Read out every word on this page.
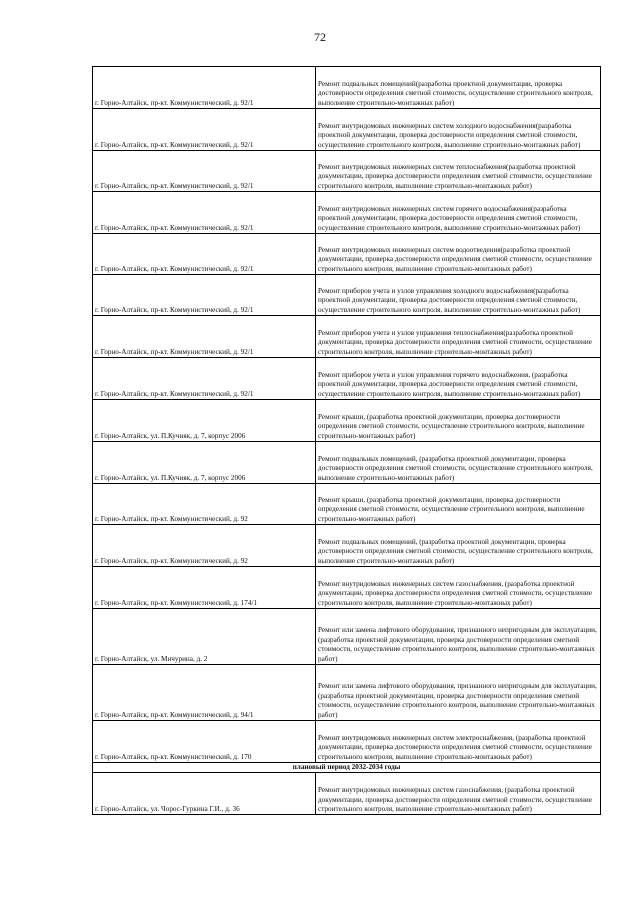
72
г. Горно-Алтайск, пр-кт. Коммунистический, д. 92/1	Ремонт подвальных помещений(разработка проектной документации, проверка достоверности определения сметной стоимости, осуществление строительного контроля, выполнение строительно-монтажных работ)
г. Горно-Алтайск, пр-кт. Коммунистический, д. 92/1	Ремонт внутридомовых инженерных систем холодного водоснабжения(разработка проектной документации, проверка достоверности определения сметной стоимости, осуществление строительного контроля, выполнение строительно-монтажных работ)
г. Горно-Алтайск, пр-кт. Коммунистический, д. 92/1	Ремонт внутридомовых инженерных систем теплоснабжения(разработка проектной документации, проверка достоверности определения сметной стоимости, осуществление строительного контроля, выполнение строительно-монтажных работ)
г. Горно-Алтайск, пр-кт. Коммунистический, д. 92/1	Ремонт внутридомовых инженерных систем горячего водоснабжения(разработка проектной документации, проверка достоверности определения сметной стоимости, осуществление строительного контроля, выполнение строительно-монтажных работ)
г. Горно-Алтайск, пр-кт. Коммунистический, д. 92/1	Ремонт внутридомовых инженерных систем водоотведения(разработка проектной документации, проверка достоверности определения сметной стоимости, осуществление строительного контроля, выполнение строительно-монтажных работ)
г. Горно-Алтайск, пр-кт. Коммунистический, д. 92/1	Ремонт приборов учета и узлов управления холодного водоснабжения(разработка проектной документации, проверка достоверности определения сметной стоимости, осуществление строительного контроля, выполнение строительно-монтажных работ)
г. Горно-Алтайск, пр-кт. Коммунистический, д. 92/1	Ремонт приборов учета и узлов управления теплоснабжения(разработка проектной документации, проверка достоверности определения сметной стоимости, осуществление строительного контроля, выполнение строительно-монтажных работ)
г. Горно-Алтайск, пр-кт. Коммунистический, д. 92/1	Ремонт приборов учета и узлов управления горячего водоснабжения, (разработка проектной документации, проверка достоверности определения сметной стоимости, осуществление строительного контроля, выполнение строительно-монтажных работ)
г. Горно-Алтайск, ул. П.Кучияк, д. 7, корпус 2006	Ремонт крыши, (разработка проектной документации, проверка достоверности определения сметной стоимости, осуществление строительного контроля, выполнение строительно-монтажных работ)
г. Горно-Алтайск, ул. П.Кучияк, д. 7, корпус 2006	Ремонт подвальных помещений, (разработка проектной документации, проверка достоверности определения сметной стоимости, осуществление строительного контроля, выполнение строительно-монтажных работ)
г. Горно-Алтайск, пр-кт. Коммунистический, д. 92	Ремонт крыши, (разработка проектной документации, проверка достоверности определения сметной стоимости, осуществление строительного контроля, выполнение строительно-монтажных работ)
г. Горно-Алтайск, пр-кт. Коммунистический, д. 92	Ремонт подвальных помещений, (разработка проектной документации, проверка достоверности определения сметной стоимости, осуществление строительного контроля, выполнение строительно-монтажных работ)
г. Горно-Алтайск, пр-кт. Коммунистический, д. 174/1	Ремонт внутридомовых инженерных систем газоснабжения, (разработка проектной документации, проверка достоверности определения сметной стоимости, осуществление строительного контроля, выполнение строительно-монтажных работ)
г. Горно-Алтайск, ул. Мичурина, д. 2	Ремонт или замена лифтового оборудования, признанного непригодным для эксплуатации, (разработка проектной документации, проверка достоверности определения сметной стоимости, осуществление строительного контроля, выполнение строительно-монтажных работ)
г. Горно-Алтайск, пр-кт. Коммунистический, д. 94/1	Ремонт или замена лифтового оборудования, признанного непригодным для эксплуатации, (разработка проектной документации, проверка достоверности определения сметной стоимости, осуществление строительного контроля, выполнение строительно-монтажных работ)
г. Горно-Алтайск, пр-кт. Коммунистический, д. 170	Ремонт внутридомовых инженерных систем электроснабжения, (разработка проектной документации, проверка достоверности определения сметной стоимости, осуществление строительного контроля, выполнение строительно-монтажных работ)
плановый период 2032-2034 годы	
г. Горно-Алтайск, ул. Чорос-Гуркина Г.И., д. 36	Ремонт внутридомовых инженерных систем газоснабжения, (разработка проектной документации, проверка достоверности определения сметной стоимости, осуществление строительного контроля, выполнение строительно-монтажных работ)
